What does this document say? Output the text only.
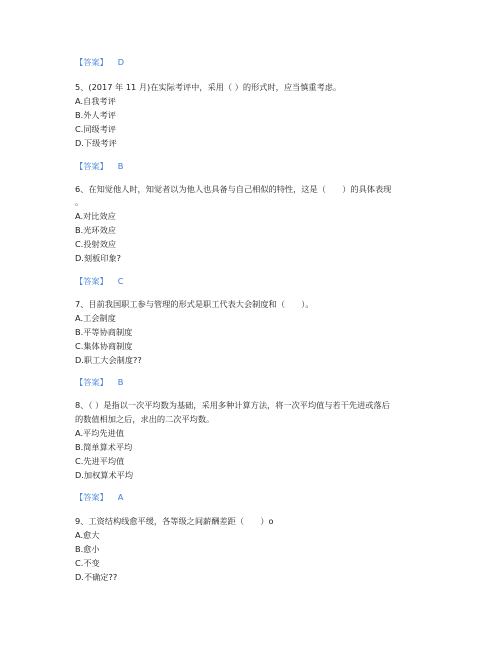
【答案】 D
5、(2017 年 11 月)在实际考评中，采用（ ）的形式时，应当慎重考虑。
A.自我考评
B.外人考评
C.同级考评
D.下级考评
【答案】 B
6、在知觉他人时，知觉者以为他人也具备与自己相似的特性，这是（　　）的具体表现
。
A.对比效应
B.光环效应
C.投射效应
D.刻板印象?
【答案】 C
7、目前我国职工参与管理的形式是职工代表大会制度和（　　）。
A.工会制度
B.平等协商制度
C.集体协商制度
D.职工大会制度??
【答案】 B
8、（ ）是指以一次平均数为基础，采用多种计算方法，将一次平均值与若干先进或落后
的数值相加之后，求出的二次平均数。
A.平均先进值
B.简单算术平均
C.先进平均值
D.加权算术平均
【答案】 A
9、工资结构线愈平缓，各等级之间薪酬差距（　　）o
A.愈大
B.愈小
C.不变
D.不确定??
